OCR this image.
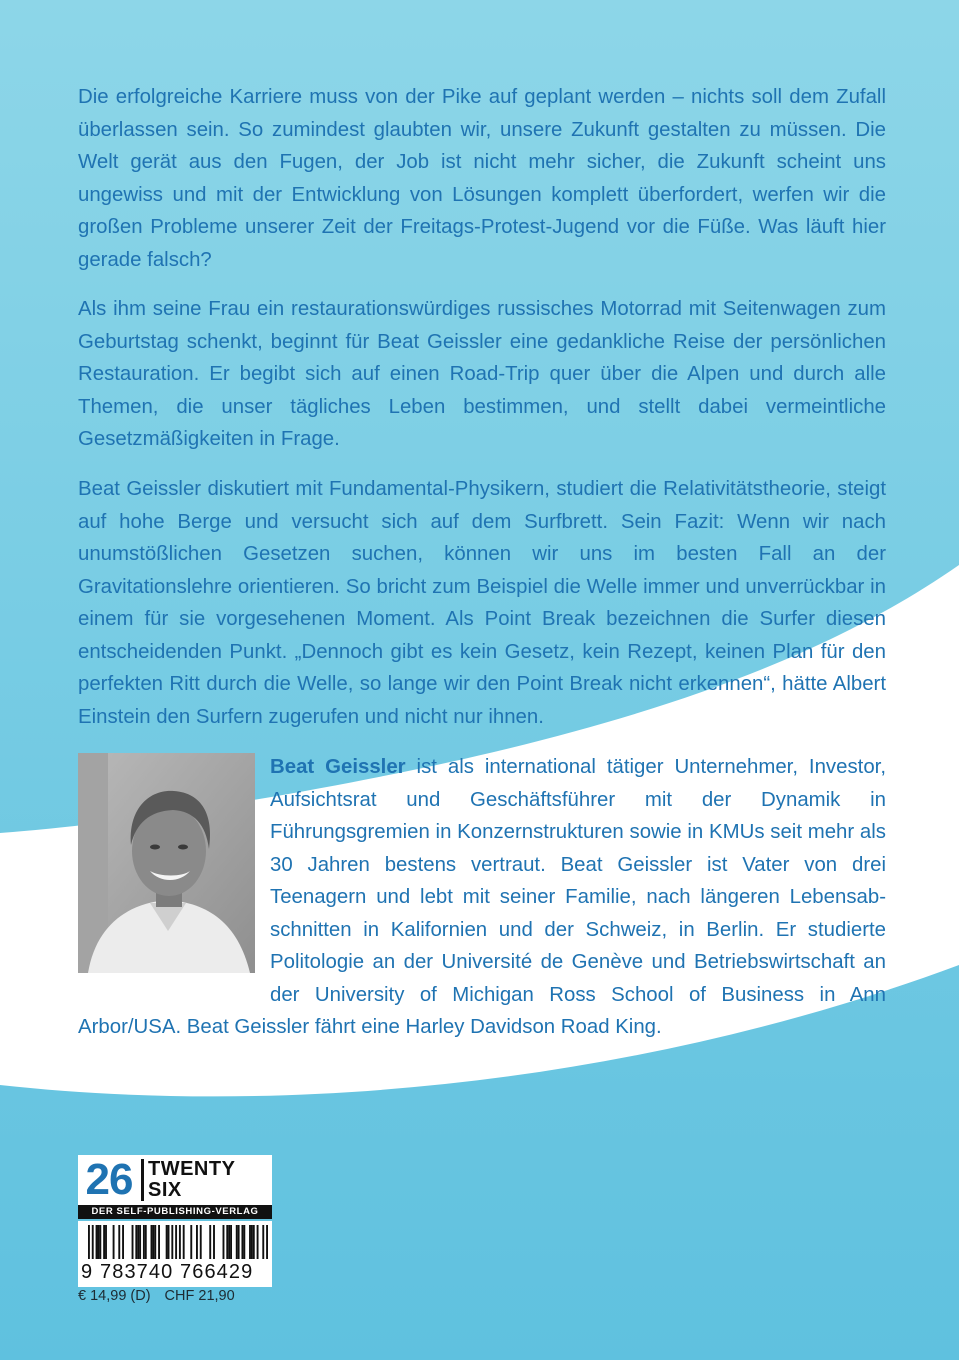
Die erfolgreiche Karriere muss von der Pike auf geplant werden – nichts soll dem Zufall überlassen sein. So zumindest glaubten wir, unsere Zukunft gestalten zu müssen. Die Welt gerät aus den Fugen, der Job ist nicht mehr sicher, die Zukunft scheint uns ungewiss und mit der Entwicklung von Lösungen komplett überfordert, werfen wir die großen Probleme unserer Zeit der Freitags-Protest-Jugend vor die Füße. Was läuft hier gerade falsch?

Als ihm seine Frau ein restaurationswürdiges russisches Motorrad mit Seitenwagen zum Geburtstag schenkt, beginnt für Beat Geissler eine gedankliche Reise der persönlichen Restauration. Er begibt sich auf einen Road-Trip quer über die Alpen und durch alle Themen, die unser tägliches Leben bestimmen, und stellt dabei vermeintliche Gesetzmäßigkeiten in Frage.

Beat Geissler diskutiert mit Fundamental-Physikern, studiert die Relativitätstheorie, steigt auf hohe Berge und versucht sich auf dem Surfbrett. Sein Fazit: Wenn wir nach unumstößlichen Gesetzen suchen, können wir uns im besten Fall an der Gravitationslehre orientieren. So bricht zum Beispiel die Welle immer und unverrückbar in einem für sie vorgesehenen Moment. Als Point Break bezeichnen die Surfer diesen entscheidenden Punkt. „Dennoch gibt es kein Gesetz, kein Rezept, keinen Plan für den perfekten Ritt durch die Welle, so lange wir den Point Break nicht erkennen“, hätte Albert Einstein den Surfern zugerufen und nicht nur ihnen.

Beat Geissler ist als international tätiger Unternehmer, Investor, Aufsichtsrat und Geschäftsführer mit der Dynamik in Führungsgremien in Konzernstrukturen sowie in KMUs seit mehr als 30 Jahren bestens vertraut. Beat Geissler ist Vater von drei Teenagern und lebt mit seiner Familie, nach längeren Lebensabschnitten in Kalifornien und der Schweiz, in Berlin. Er studierte Politologie an der Université de Genève und Betriebswirtschaft an der University of Michigan Ross School of Business in Ann Arbor/USA. Beat Geissler fährt eine Harley Davidson Road King.

26 TWENTY
SIX
DER SELF-PUBLISHING-VERLAG
9 783740 766429
€ 14,99 (D) CHF 21,90
